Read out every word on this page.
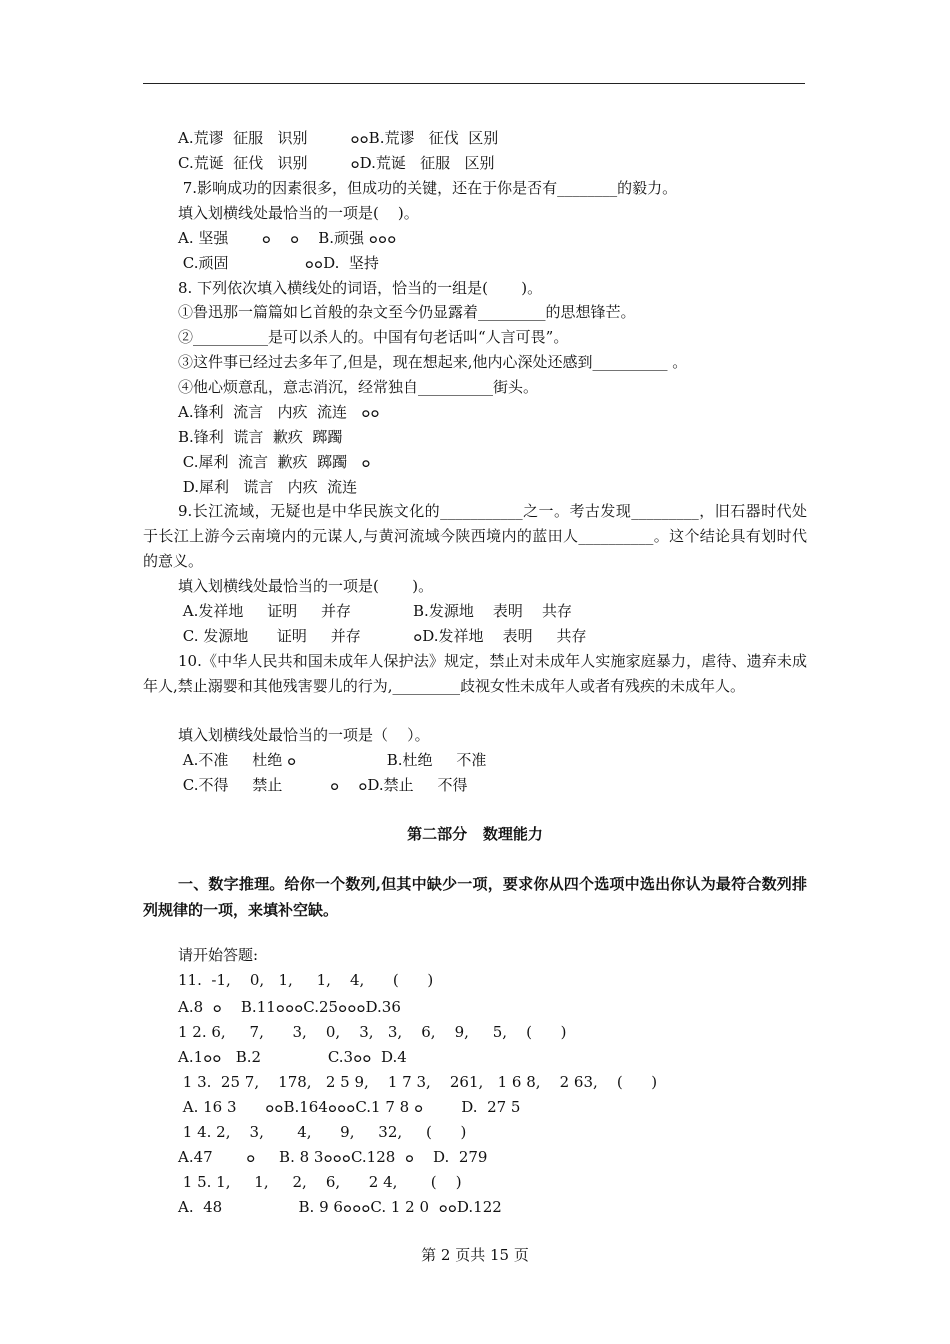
A.荒谬  征服   识别         ๐๐B.荒谬   征伐  区别
C.荒诞  征伐   识别         ๐D.荒诞   征服   区别
7.影响成功的因素很多，但成功的关键，还在于你是否有________的毅力。
填入划横线处最恰当的一项是(    )。
A. 坚强       ๐    ๐    B.顽强 ๐๐๐
C.顽固                ๐๐D.  坚持
8. 下列依次填入横线处的词语，恰当的一组是(       )。
①鲁迅那一篇篇如匕首般的杂文至今仍显露着_________的思想锋芒。
②__________是可以杀人的。中国有句老话叫“人言可畏”。
③这件事已经过去多年了,但是，现在想起来,他内心深处还感到__________ 。
④他心烦意乱，意志消沉，经常独自__________街头。
A.锋利  流言   内疚  流连   ๐๐
B.锋利  谎言  歉疚  踯躅
C.犀利  流言  歉疚  踯躅   ๐
D.犀利   谎言   内疚  流连
9.长江流域，无疑也是中华民族文化的___________之一。考古发现_________，旧石器时代处于长江上游今云南境内的元谋人,与黄河流域今陕西境内的蓝田人__________。这个结论具有划时代的意义。
填入划横线处最恰当的一项是(       )。
A.发祥地     证明     并存             B.发源地    表明    共存
C. 发源地      证明     并存           ๐D.发祥地    表明     共存
10.《中华人民共和国未成年人保护法》规定，禁止对未成年人实施家庭暴力，虐待、遗弃未成年人,禁止溺婴和其他残害婴儿的行为,_________歧视女性未成年人或者有残疾的未成年人。
填入划横线处最恰当的一项是（    ）。
A.不准     杜绝 ๐                   B.杜绝     不准
C.不得     禁止          ๐    ๐D.禁止     不得
第二部分   数理能力
一、数字推理。给你一个数列,但其中缺少一项，要求你从四个选项中选出你认为最符合数列排列规律的一项，来填补空缺。
请开始答题:
11.  -1,    0,   1,     1,    4,      (      )
A.8  ๐    B.11๐๐๐C.25๐๐๐D.36
1 2. 6,     7,      3,    0,    3,   3,    6,    9,     5,    (      )
A.1๐๐   B.2              C.3๐๐  D.4
1 3.  25 7,    178,   2 5 9,    1 7 3,    261,   1 6 8,    2 63,    (      )
A. 16 3      ๐๐B.164๐๐๐C.1 7 8 ๐        D.  27 5
1 4. 2,    3,       4,      9,     32,     (      )
A.47       ๐     B. 8 3๐๐๐C.128  ๐    D.  279
1 5. 1,     1,     2,    6,      2 4,       (    )
A.  48                B. 9 6๐๐๐C. 1 2 0  ๐๐D.122
第 2 页共 15 页
